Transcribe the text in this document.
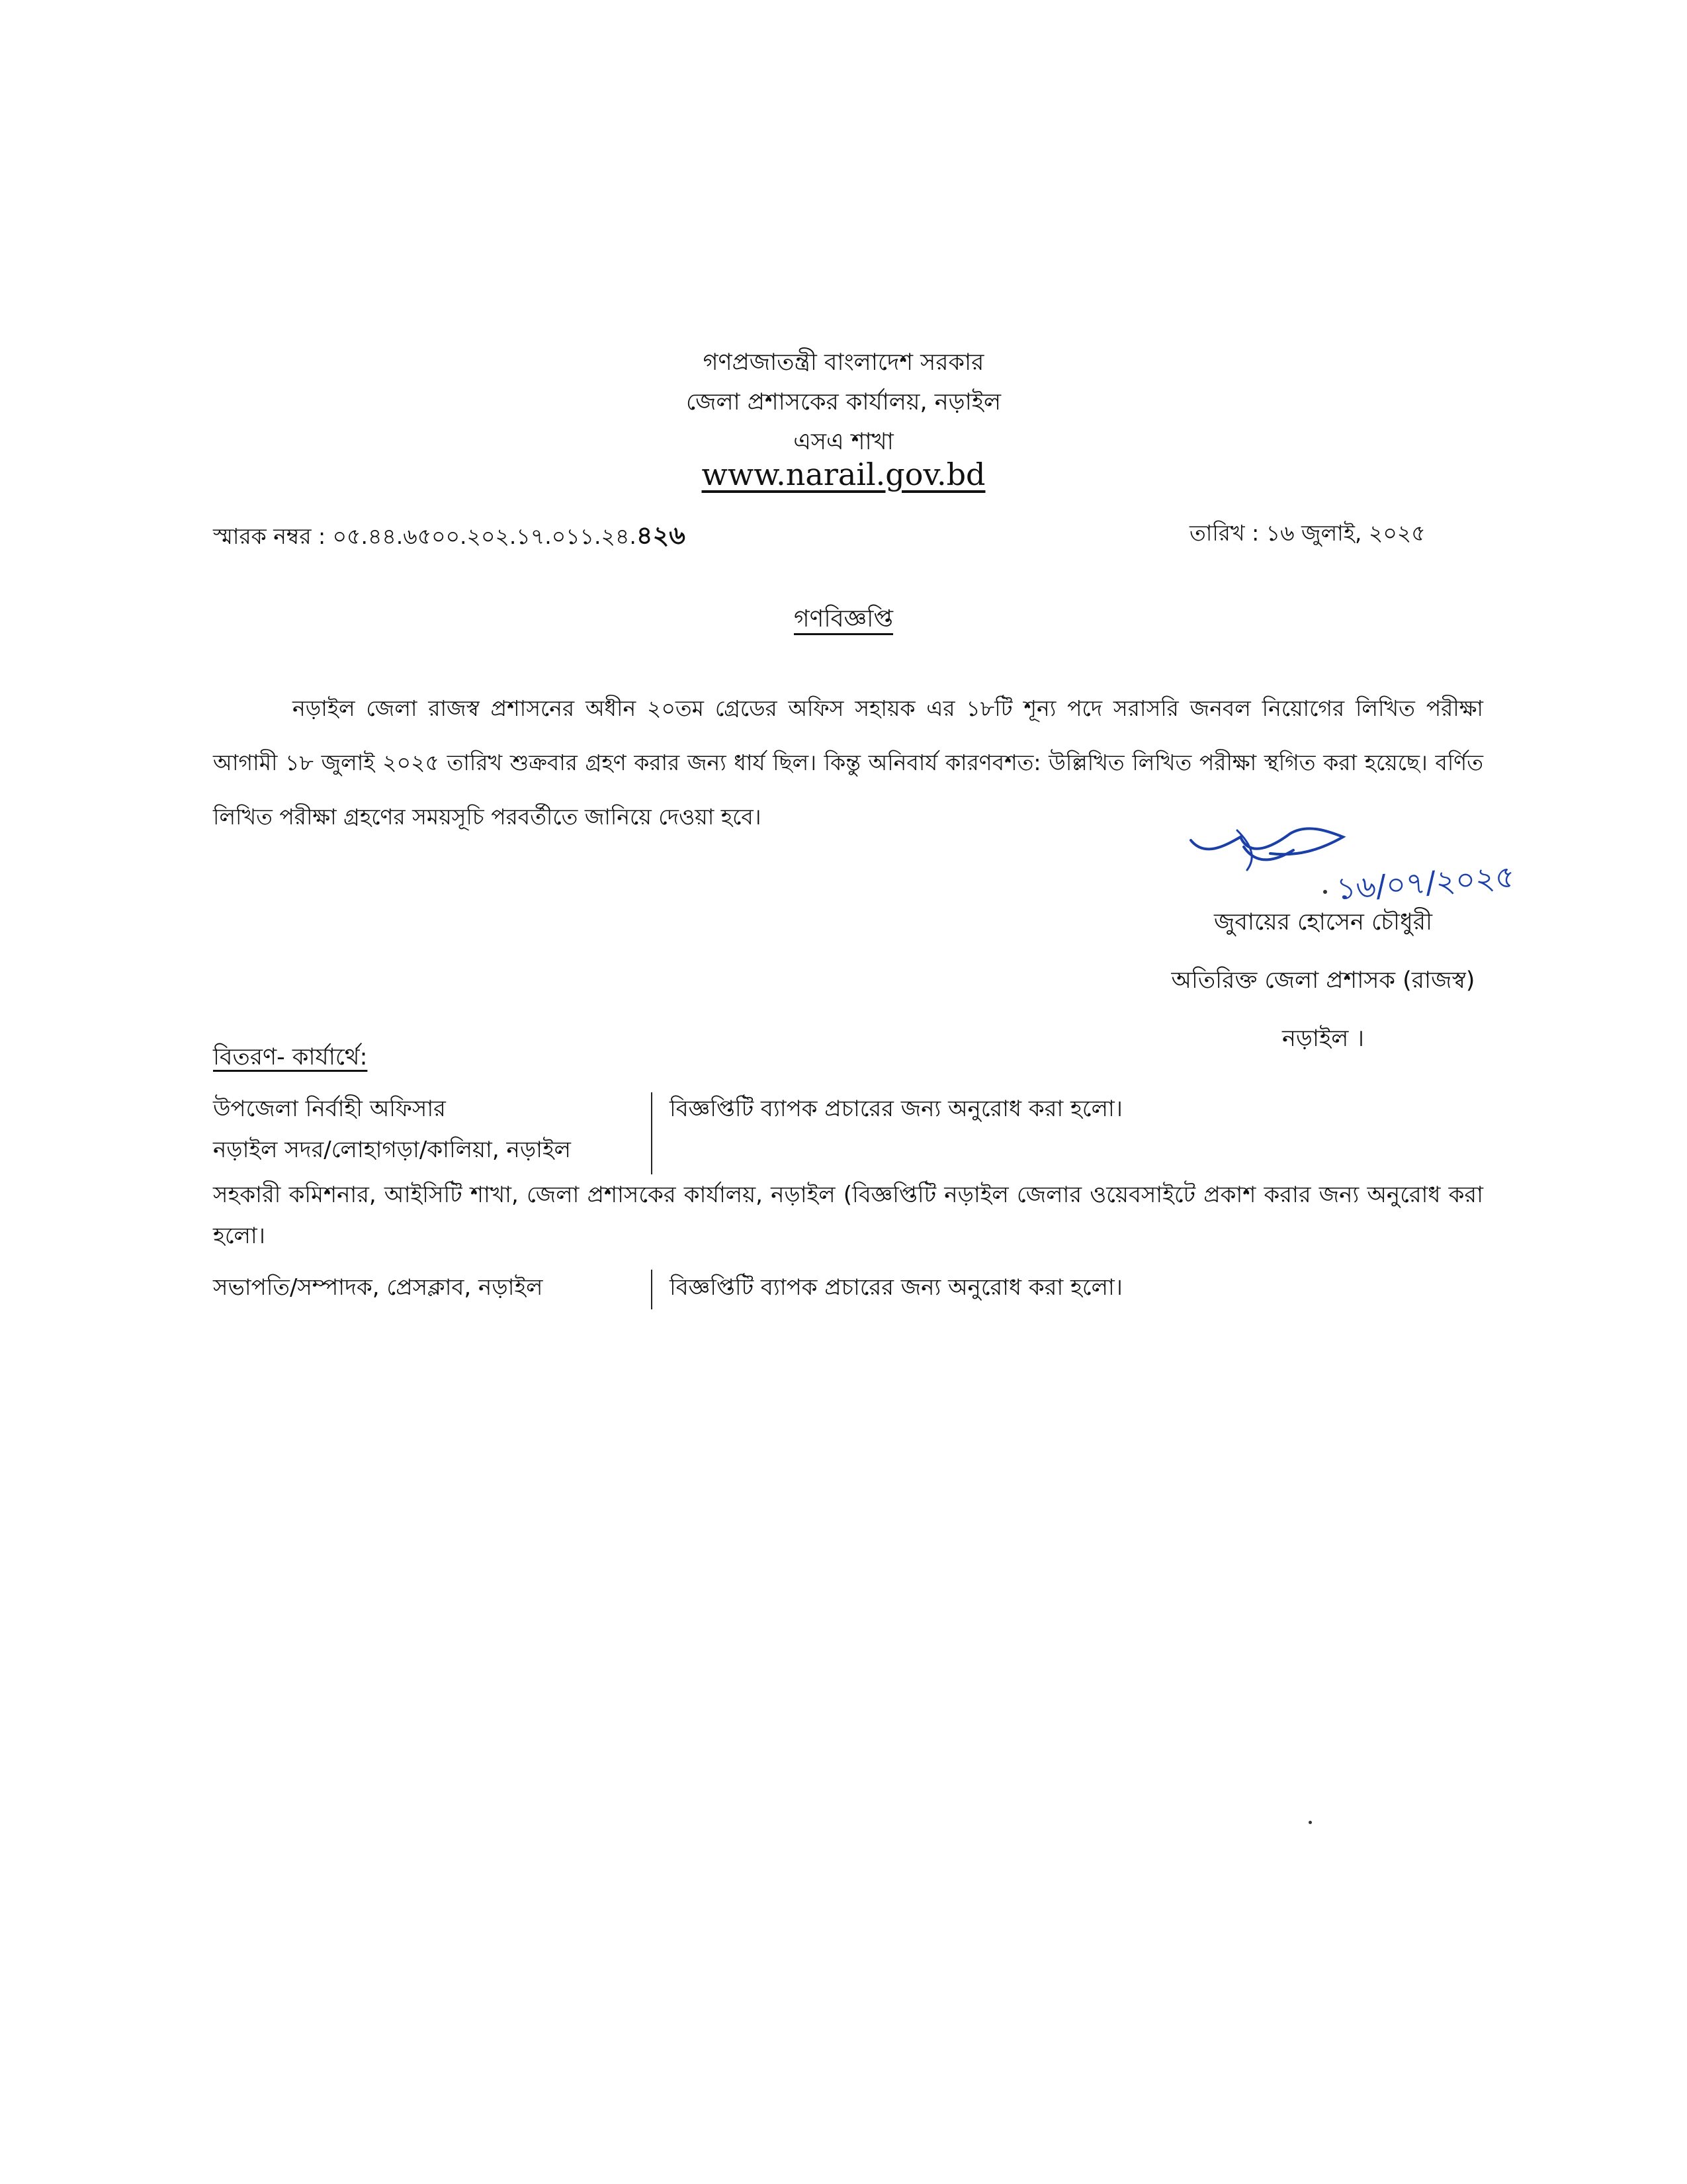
গণপ্রজাতন্ত্রী বাংলাদেশ সরকার
জেলা প্রশাসকের কার্যালয়, নড়াইল
এসএ শাখা
www.narail.gov.bd
স্মারক নম্বর : ০৫.৪৪.৬৫০০.২০২.১৭.০১১.২৪.৪২৬	তারিখ : ১৬ জুলাই, ২০২৫
গণবিজ্ঞপ্তি
নড়াইল জেলা রাজস্ব প্রশাসনের অধীন ২০তম গ্রেডের অফিস সহায়ক এর ১৮টি শূন্য পদে সরাসরি জনবল নিয়োগের লিখিত পরীক্ষা আগামী ১৮ জুলাই ২০২৫ তারিখ শুক্রবার গ্রহণ করার জন্য ধার্য ছিল। কিন্তু অনিবার্য কারণবশত: উল্লিখিত লিখিত পরীক্ষা স্থগিত করা হয়েছে। বর্ণিত লিখিত পরীক্ষা গ্রহণের সময়সূচি পরবর্তীতে জানিয়ে দেওয়া হবে।
১৬/০৭/২০২৫
জুবায়ের হোসেন চৌধুরী
অতিরিক্ত জেলা প্রশাসক (রাজস্ব)
নড়াইল ।
বিতরণ- কার্যার্থে:
উপজেলা নির্বাহী অফিসার
নড়াইল সদর/লোহাগড়া/কালিয়া, নড়াইল
বিজ্ঞপ্তিটি ব্যাপক প্রচারের জন্য অনুরোধ করা হলো।
সহকারী কমিশনার, আইসিটি শাখা, জেলা প্রশাসকের কার্যালয়, নড়াইল (বিজ্ঞপ্তিটি নড়াইল জেলার ওয়েবসাইটে প্রকাশ করার জন্য অনুরোধ করা হলো।
সভাপতি/সম্পাদক, প্রেসক্লাব, নড়াইল	বিজ্ঞপ্তিটি ব্যাপক প্রচারের জন্য অনুরোধ করা হলো।
